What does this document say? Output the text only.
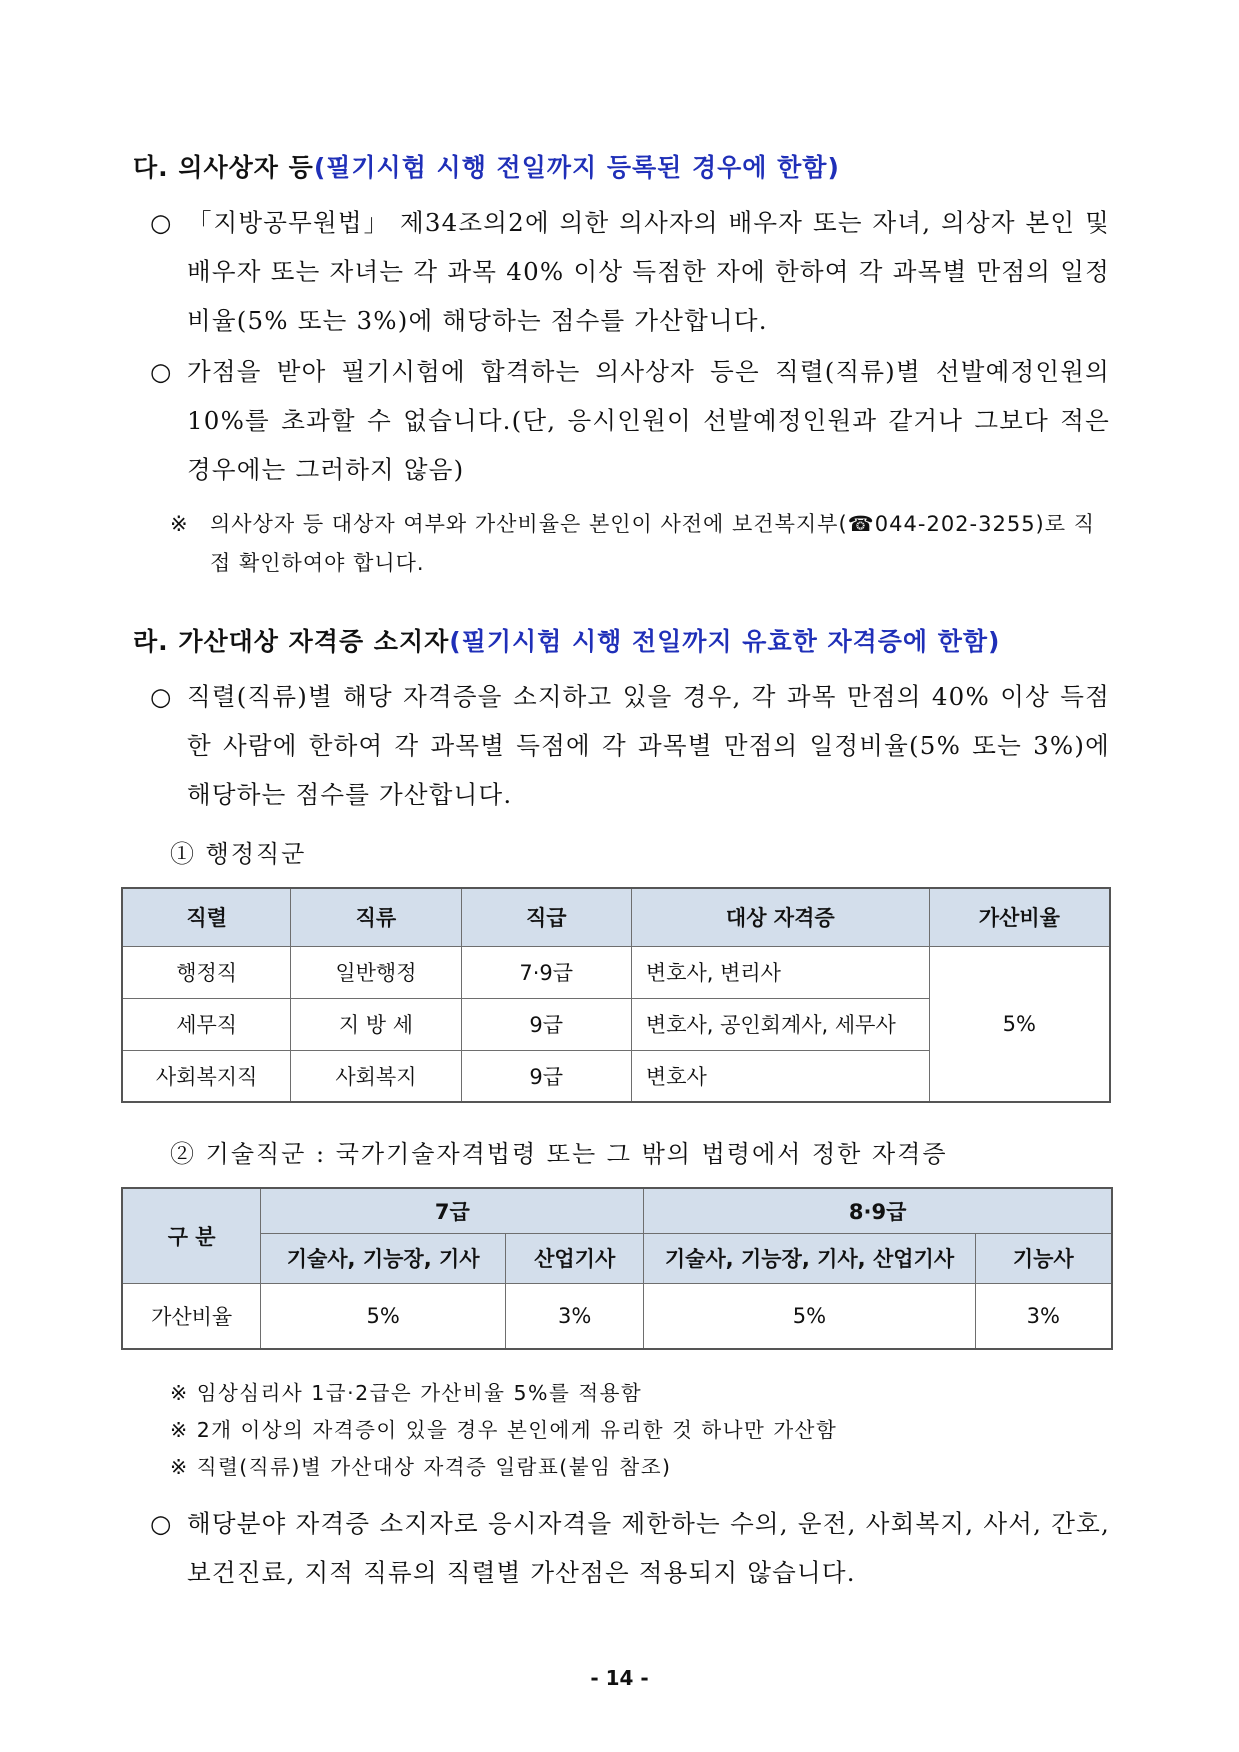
다. 의사상자 등(필기시험 시행 전일까지 등록된 경우에 한함)
○ 「지방공무원법」 제34조의2에 의한 의사자의 배우자 또는 자녀, 의상자 본인 및 배우자 또는 자녀는 각 과목 40% 이상 득점한 자에 한하여 각 과목별 만점의 일정비율(5% 또는 3%)에 해당하는 점수를 가산합니다.
○ 가점을 받아 필기시험에 합격하는 의사상자 등은 직렬(직류)별 선발예정인원의 10%를 초과할 수 없습니다.(단, 응시인원이 선발예정인원과 같거나 그보다 적은 경우에는 그러하지 않음)
※ 의사상자 등 대상자 여부와 가산비율은 본인이 사전에 보건복지부(☎044-202-3255)로 직접 확인하여야 합니다.
라. 가산대상 자격증 소지자(필기시험 시행 전일까지 유효한 자격증에 한함)
○ 직렬(직류)별 해당 자격증을 소지하고 있을 경우, 각 과목 만점의 40% 이상 득점한 사람에 한하여 각 과목별 득점에 각 과목별 만점의 일정비율(5% 또는 3%)에 해당하는 점수를 가산합니다.
① 행정직군
직렬	직류	직급	대상 자격증	가산비율
행정직	일반행정	7·9급	변호사, 변리사	5%
세무직	지 방 세	9급	변호사, 공인회계사, 세무사	
사회복지직	사회복지	9급	변호사	
② 기술직군 : 국가기술자격법령 또는 그 밖의 법령에서 정한 자격증
구 분	7급		8·9급	
	기술사, 기능장, 기사	산업기사	기술사, 기능장, 기사, 산업기사	기능사
가산비율	5%	3%	5%	3%
※ 임상심리사 1급·2급은 가산비율 5%를 적용함
※ 2개 이상의 자격증이 있을 경우 본인에게 유리한 것 하나만 가산함
※ 직렬(직류)별 가산대상 자격증 일람표(붙임 참조)
○ 해당분야 자격증 소지자로 응시자격을 제한하는 수의, 운전, 사회복지, 사서, 간호, 보건진료, 지적 직류의 직렬별 가산점은 적용되지 않습니다.
- 14 -
